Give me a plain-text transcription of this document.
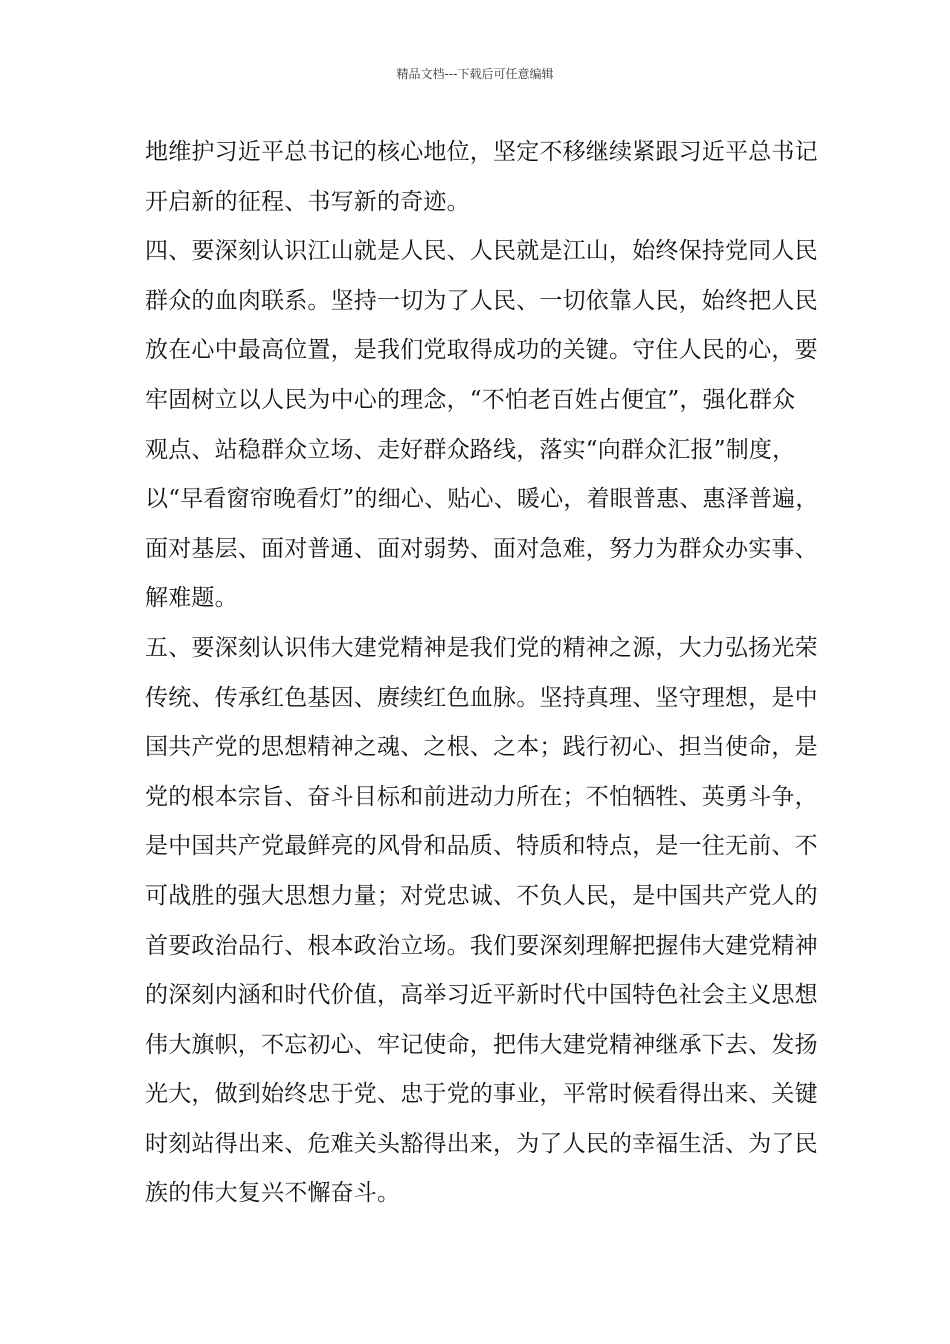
精品文档---下载后可任意编辑
地维护习近平总书记的核心地位，坚定不移继续紧跟习近平总书记
开启新的征程、书写新的奇迹。
四、要深刻认识江山就是人民、人民就是江山，始终保持党同人民
群众的血肉联系。坚持一切为了人民、一切依靠人民，始终把人民
放在心中最高位置，是我们党取得成功的关键。守住人民的心，要
牢固树立以人民为中心的理念，“不怕老百姓占便宜”，强化群众
观点、站稳群众立场、走好群众路线，落实“向群众汇报”制度，
以“早看窗帘晚看灯”的细心、贴心、暖心，着眼普惠、惠泽普遍，
面对基层、面对普通、面对弱势、面对急难，努力为群众办实事、
解难题。
五、要深刻认识伟大建党精神是我们党的精神之源，大力弘扬光荣
传统、传承红色基因、赓续红色血脉。坚持真理、坚守理想，是中
国共产党的思想精神之魂、之根、之本；践行初心、担当使命，是
党的根本宗旨、奋斗目标和前进动力所在；不怕牺牲、英勇斗争，
是中国共产党最鲜亮的风骨和品质、特质和特点，是一往无前、不
可战胜的强大思想力量；对党忠诚、不负人民，是中国共产党人的
首要政治品行、根本政治立场。我们要深刻理解把握伟大建党精神
的深刻内涵和时代价值，高举习近平新时代中国特色社会主义思想
伟大旗帜，不忘初心、牢记使命，把伟大建党精神继承下去、发扬
光大，做到始终忠于党、忠于党的事业，平常时候看得出来、关键
时刻站得出来、危难关头豁得出来，为了人民的幸福生活、为了民
族的伟大复兴不懈奋斗。
